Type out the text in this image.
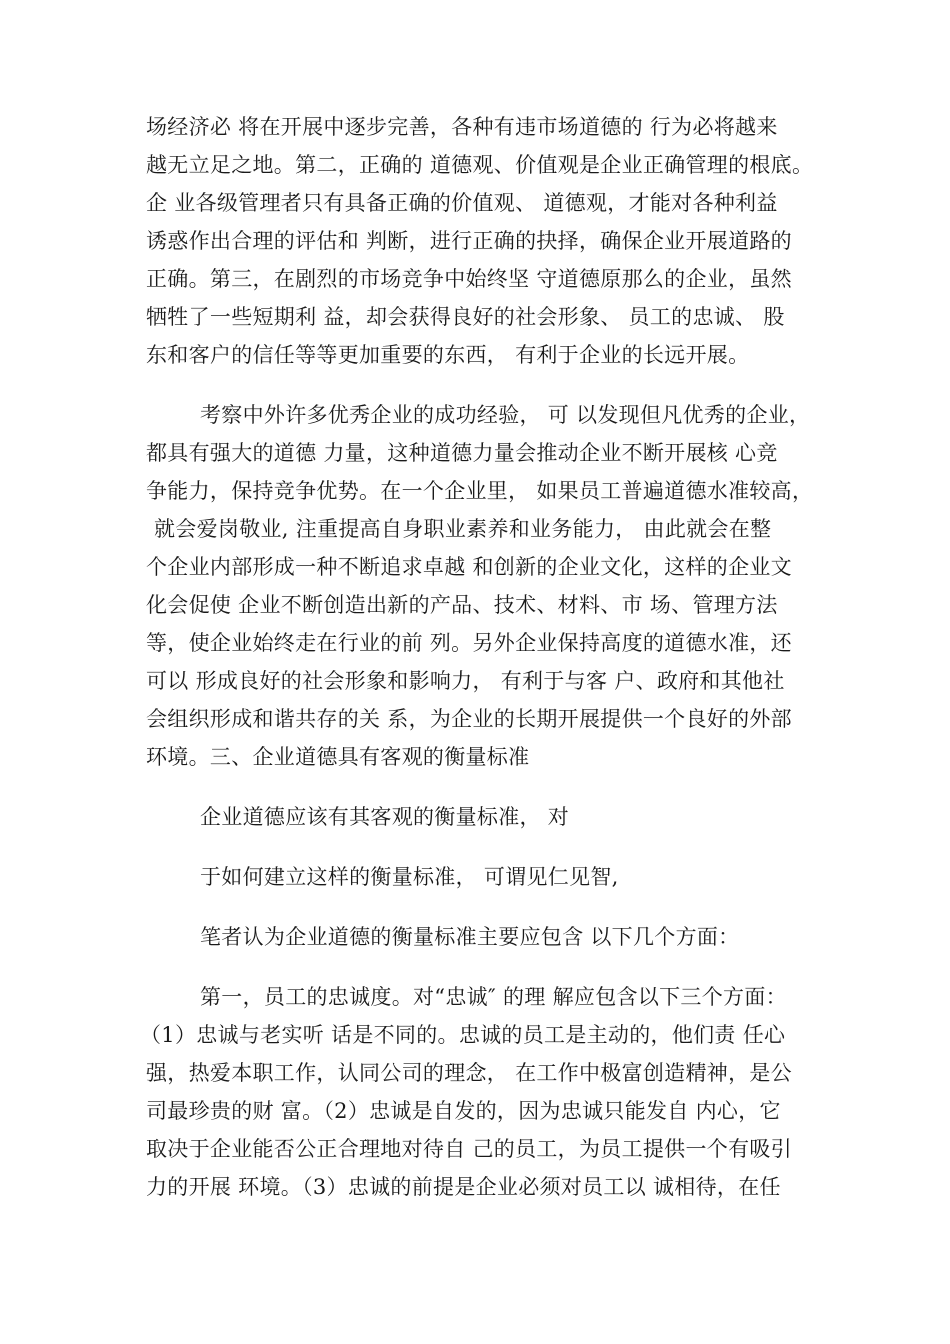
场经济必 将在开展中逐步完善，各种有违市场道德的 行为必将越来
越无立足之地。第二，正确的 道德观、价值观是企业正确管理的根底。
企 业各级管理者只有具备正确的价值观、 道德观，才能对各种利益
诱惑作出合理的评估和 判断，进行正确的抉择，确保企业开展道路的
正确。第三，在剧烈的市场竞争中始终坚 守道德原那么的企业，虽然
牺牲了一些短期利 益，却会获得良好的社会形象、 员工的忠诚、 股
东和客户的信任等等更加重要的东西， 有利于企业的长远开展。
考察中外许多优秀企业的成功经验， 可 以发现但凡优秀的企业，
都具有强大的道德 力量，这种道德力量会推动企业不断开展核 心竞
争能力，保持竞争优势。在一个企业里， 如果员工普遍道德水准较高，
就会爱岗敬业, 注重提高自身职业素养和业务能力， 由此就会在整
个企业内部形成一种不断追求卓越 和创新的企业文化，这样的企业文
化会促使 企业不断创造出新的产品、技术、材料、市 场、管理方法
等，使企业始终走在行业的前 列。另外企业保持高度的道德水准，还
可以 形成良好的社会形象和影响力， 有利于与客 户、政府和其他社
会组织形成和谐共存的关 系，为企业的长期开展提供一个良好的外部
环境。三、企业道德具有客观的衡量标准
企业道德应该有其客观的衡量标准， 对
于如何建立这样的衡量标准， 可谓见仁见智,
笔者认为企业道德的衡量标准主要应包含 以下几个方面：
第一，员工的忠诚度。对“忠诚″ 的理 解应包含以下三个方面：
（1）忠诚与老实听 话是不同的。忠诚的员工是主动的，他们责 任心
强，热爱本职工作，认同公司的理念， 在工作中极富创造精神，是公
司最珍贵的财 富。（2）忠诚是自发的，因为忠诚只能发自 内心，它
取决于企业能否公正合理地对待自 己的员工，为员工提供一个有吸引
力的开展 环境。（3）忠诚的前提是企业必须对员工以 诚相待，在任
